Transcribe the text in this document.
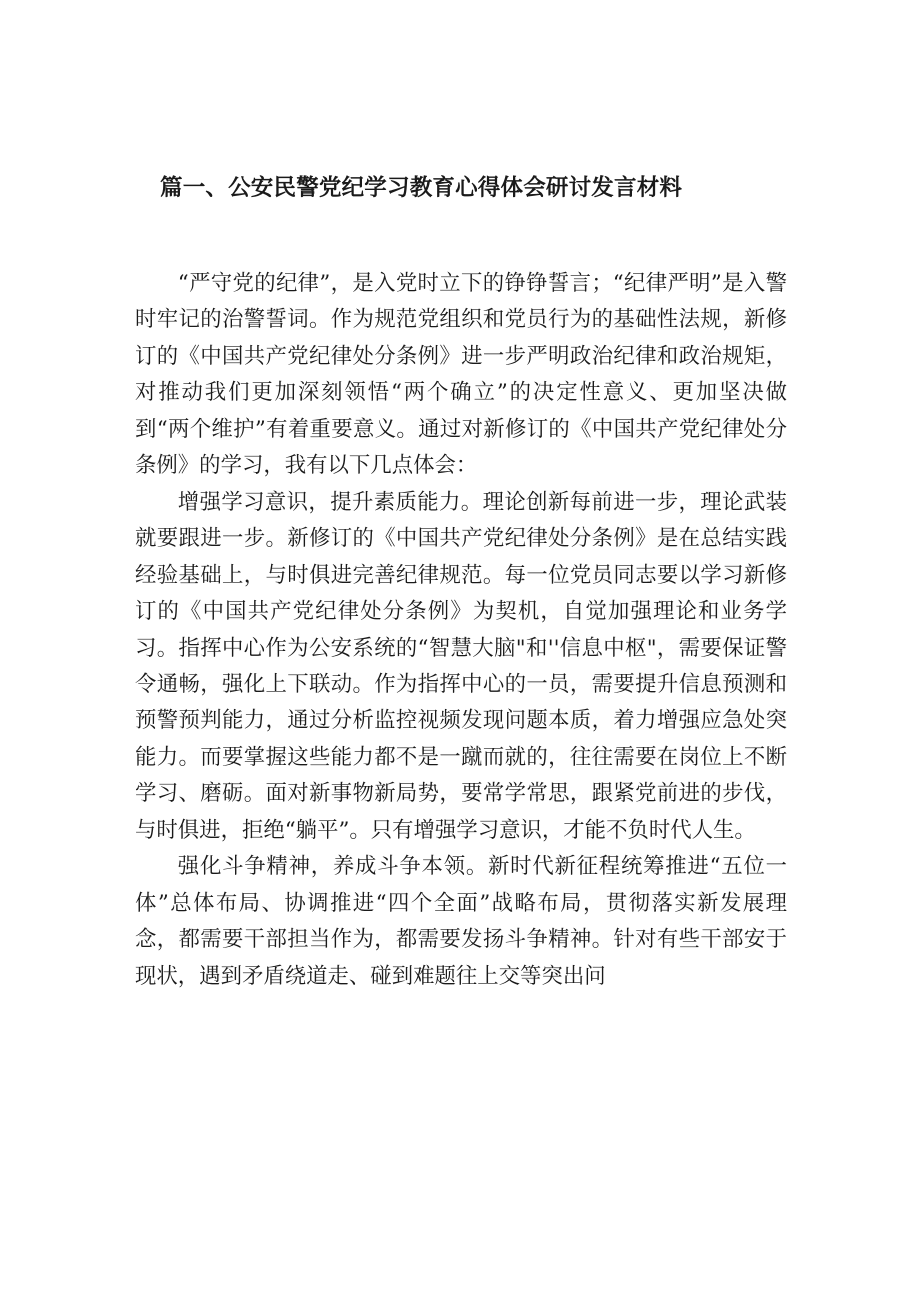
篇一、公安民警党纪学习教育心得体会研讨发言材料

“严守党的纪律”，是入党时立下的铮铮誓言；“纪律严明”是入警时牢记的治警誓词。作为规范党组织和党员行为的基础性法规，新修订的《中国共产党纪律处分条例》进一步严明政治纪律和政治规矩，对推动我们更加深刻领悟“两个确立”的决定性意义、更加坚决做到“两个维护”有着重要意义。通过对新修订的《中国共产党纪律处分条例》的学习，我有以下几点体会：

增强学习意识，提升素质能力。理论创新每前进一步，理论武装就要跟进一步。新修订的《中国共产党纪律处分条例》是在总结实践经验基础上，与时俱进完善纪律规范。每一位党员同志要以学习新修订的《中国共产党纪律处分条例》为契机，自觉加强理论和业务学习。指挥中心作为公安系统的“智慧大脑"和''信息中枢"，需要保证警令通畅，强化上下联动。作为指挥中心的一员，需要提升信息预测和预警预判能力，通过分析监控视频发现问题本质，着力增强应急处突能力。而要掌握这些能力都不是一蹴而就的，往往需要在岗位上不断学习、磨砺。面对新事物新局势，要常学常思，跟紧党前进的步伐，与时俱进，拒绝“躺平”。只有增强学习意识，才能不负时代人生。

强化斗争精神，养成斗争本领。新时代新征程统筹推进“五位一体”总体布局、协调推进“四个全面”战略布局，贯彻落实新发展理念，都需要干部担当作为，都需要发扬斗争精神。针对有些干部安于现状，遇到矛盾绕道走、碰到难题往上交等突出问
